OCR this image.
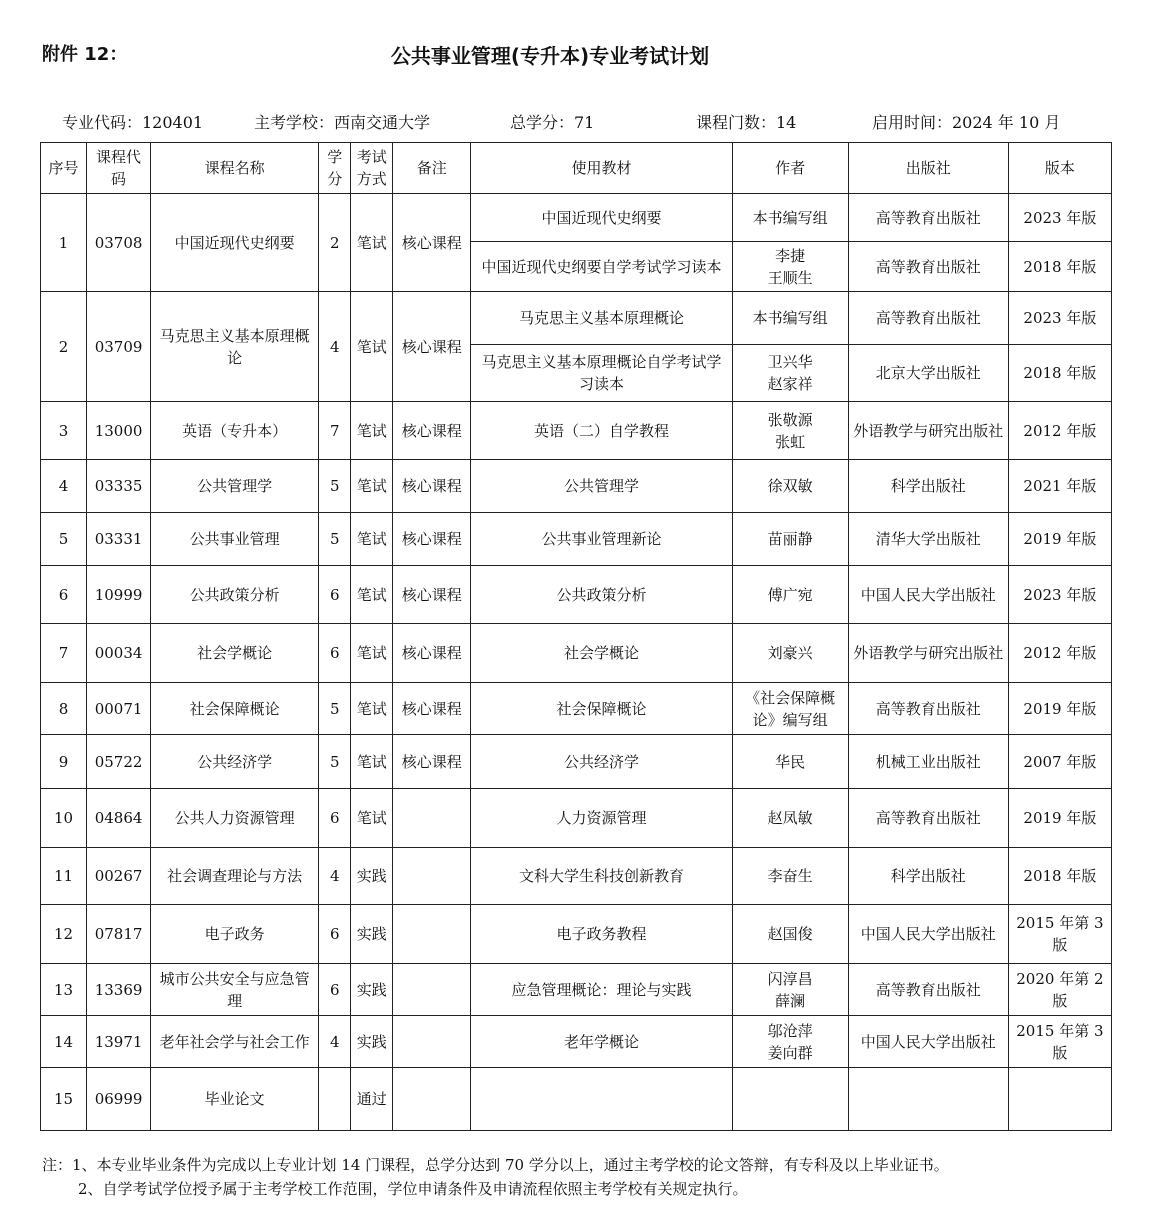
附件 12：	公共事业管理(专升本)专业考试计划
专业代码：120401	主考学校：西南交通大学	总学分：71	课程门数：14	启用时间：2024 年 10 月
序号	课程代码	课程名称	学分	考试方式	备注	使用教材	作者	出版社	版本
1	03708	中国近现代史纲要	2	笔试	核心课程	中国近现代史纲要	本书编写组	高等教育出版社	2023 年版
						中国近现代史纲要自学考试学习读本	李捷
王顺生	高等教育出版社	2018 年版
2	03709	马克思主义基本原理概论	4	笔试	核心课程	马克思主义基本原理概论	本书编写组	高等教育出版社	2023 年版
						马克思主义基本原理概论自学考试学习读本	卫兴华
赵家祥	北京大学出版社	2018 年版
3	13000	英语（专升本）	7	笔试	核心课程	英语（二）自学教程	张敬源
张虹	外语教学与研究出版社	2012 年版
4	03335	公共管理学	5	笔试	核心课程	公共管理学	徐双敏	科学出版社	2021 年版
5	03331	公共事业管理	5	笔试	核心课程	公共事业管理新论	苗丽静	清华大学出版社	2019 年版
6	10999	公共政策分析	6	笔试	核心课程	公共政策分析	傅广宛	中国人民大学出版社	2023 年版
7	00034	社会学概论	6	笔试	核心课程	社会学概论	刘豪兴	外语教学与研究出版社	2012 年版
8	00071	社会保障概论	5	笔试	核心课程	社会保障概论	《社会保障概论》编写组	高等教育出版社	2019 年版
9	05722	公共经济学	5	笔试	核心课程	公共经济学	华民	机械工业出版社	2007 年版
10	04864	公共人力资源管理	6	笔试		人力资源管理	赵凤敏	高等教育出版社	2019 年版
11	00267	社会调查理论与方法	4	实践		文科大学生科技创新教育	李奋生	科学出版社	2018 年版
12	07817	电子政务	6	实践		电子政务教程	赵国俊	中国人民大学出版社	2015 年第 3 版
13	13369	城市公共安全与应急管理	6	实践		应急管理概论：理论与实践	闪淳昌
薛澜	高等教育出版社	2020 年第 2 版
14	13971	老年社会学与社会工作	4	实践		老年学概论	邬沧萍
姜向群	中国人民大学出版社	2015 年第 3 版
15	06999	毕业论文		通过					
注：1、本专业毕业条件为完成以上专业计划 14 门课程，总学分达到 70 学分以上，通过主考学校的论文答辩，有专科及以上毕业证书。
2、自学考试学位授予属于主考学校工作范围，学位申请条件及申请流程依照主考学校有关规定执行。
